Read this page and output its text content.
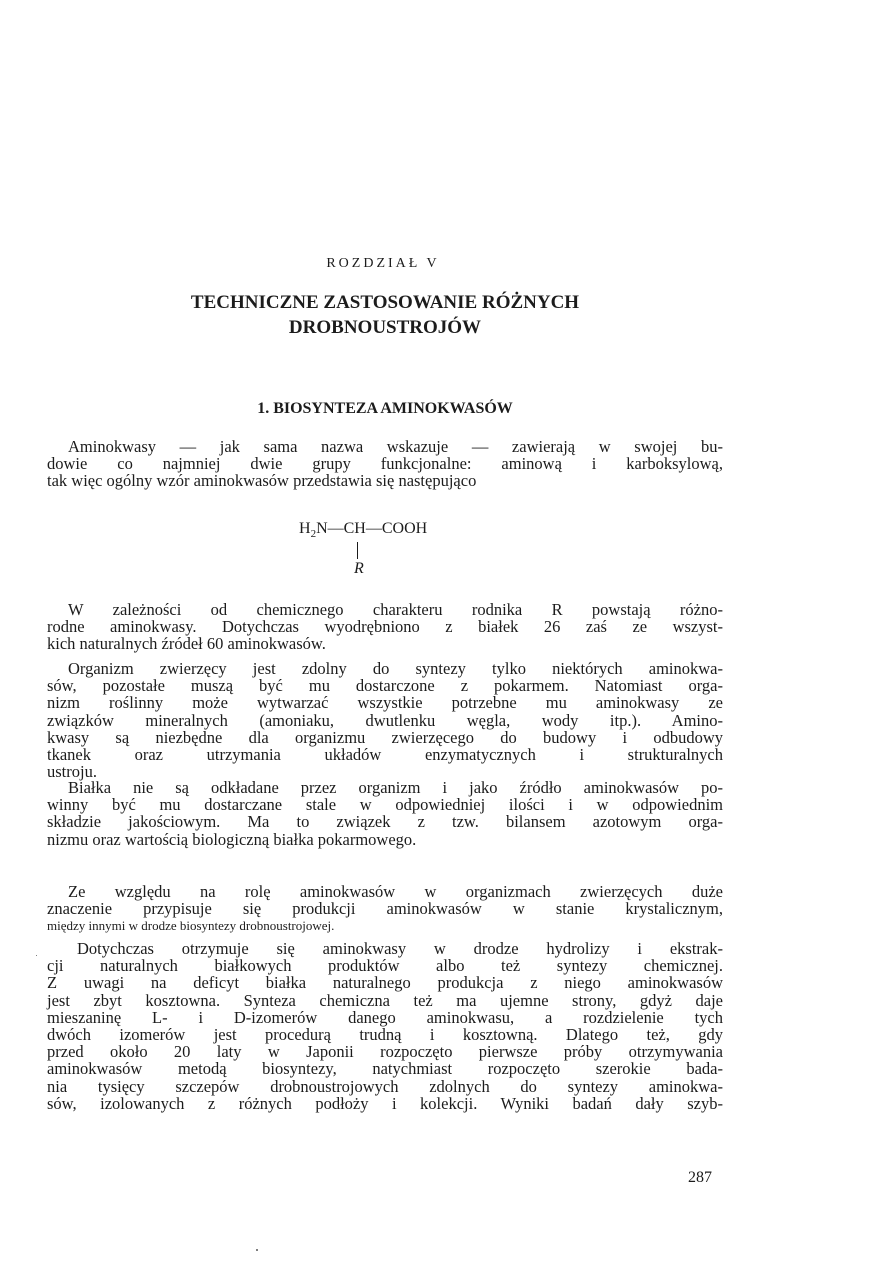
ROZDZIAŁ V
TECHNICZNE ZASTOSOWANIE RÓŻNYCH
DROBNOUSTROJÓW
1. BIOSYNTEZA AMINOKWASÓW
Aminokwasy — jak sama nazwa wskazuje — zawierają w swojej bu-
dowie co najmniej dwie grupy funkcjonalne: aminową i karboksylową,
tak więc ogólny wzór aminokwasów przedstawia się następująco
$H_2N—CH—COOH$
R
W zależności od chemicznego charakteru rodnika R powstają różno-
rodne aminokwasy. Dotychczas wyodrębniono z białek 26 zaś ze wszyst-
kich naturalnych źródeł 60 aminokwasów.
Organizm zwierzęcy jest zdolny do syntezy tylko niektórych aminokwa-
sów, pozostałe muszą być mu dostarczone z pokarmem. Natomiast orga-
nizm roślinny może wytwarzać wszystkie potrzebne mu aminokwasy ze
związków mineralnych (amoniaku, dwutlenku węgla, wody itp.). Amino-
kwasy są niezbędne dla organizmu zwierzęcego do budowy i odbudowy
tkanek oraz utrzymania układów enzymatycznych i strukturalnych
ustroju.
Białka nie są odkładane przez organizm i jako źródło aminokwasów po-
winny być mu dostarczane stale w odpowiedniej ilości i w odpowiednim
składzie jakościowym. Ma to związek z tzw. bilansem azotowym orga-
nizmu oraz wartością biologiczną białka pokarmowego.
Ze względu na rolę aminokwasów w organizmach zwierzęcych duże
znaczenie przypisuje się produkcji aminokwasów w stanie krystalicznym,
między innymi w drodze biosyntezy drobnoustrojowej.
Dotychczas otrzymuje się aminokwasy w drodze hydrolizy i ekstrak-
cji naturalnych białkowych produktów albo też syntezy chemicznej.
Z uwagi na deficyt białka naturalnego produkcja z niego aminokwasów
jest zbyt kosztowna. Synteza chemiczna też ma ujemne strony, gdyż daje
mieszaninę L- i D-izomerów danego aminokwasu, a rozdzielenie tych
dwóch izomerów jest procedurą trudną i kosztowną. Dlatego też, gdy
przed około 20 laty w Japonii rozpoczęto pierwsze próby otrzymywania
aminokwasów metodą biosyntezy, natychmiast rozpoczęto szerokie bada-
nia tysięcy szczepów drobnoustrojowych zdolnych do syntezy aminokwa-
sów, izolowanych z różnych podłoży i kolekcji. Wyniki badań dały szyb-
287
